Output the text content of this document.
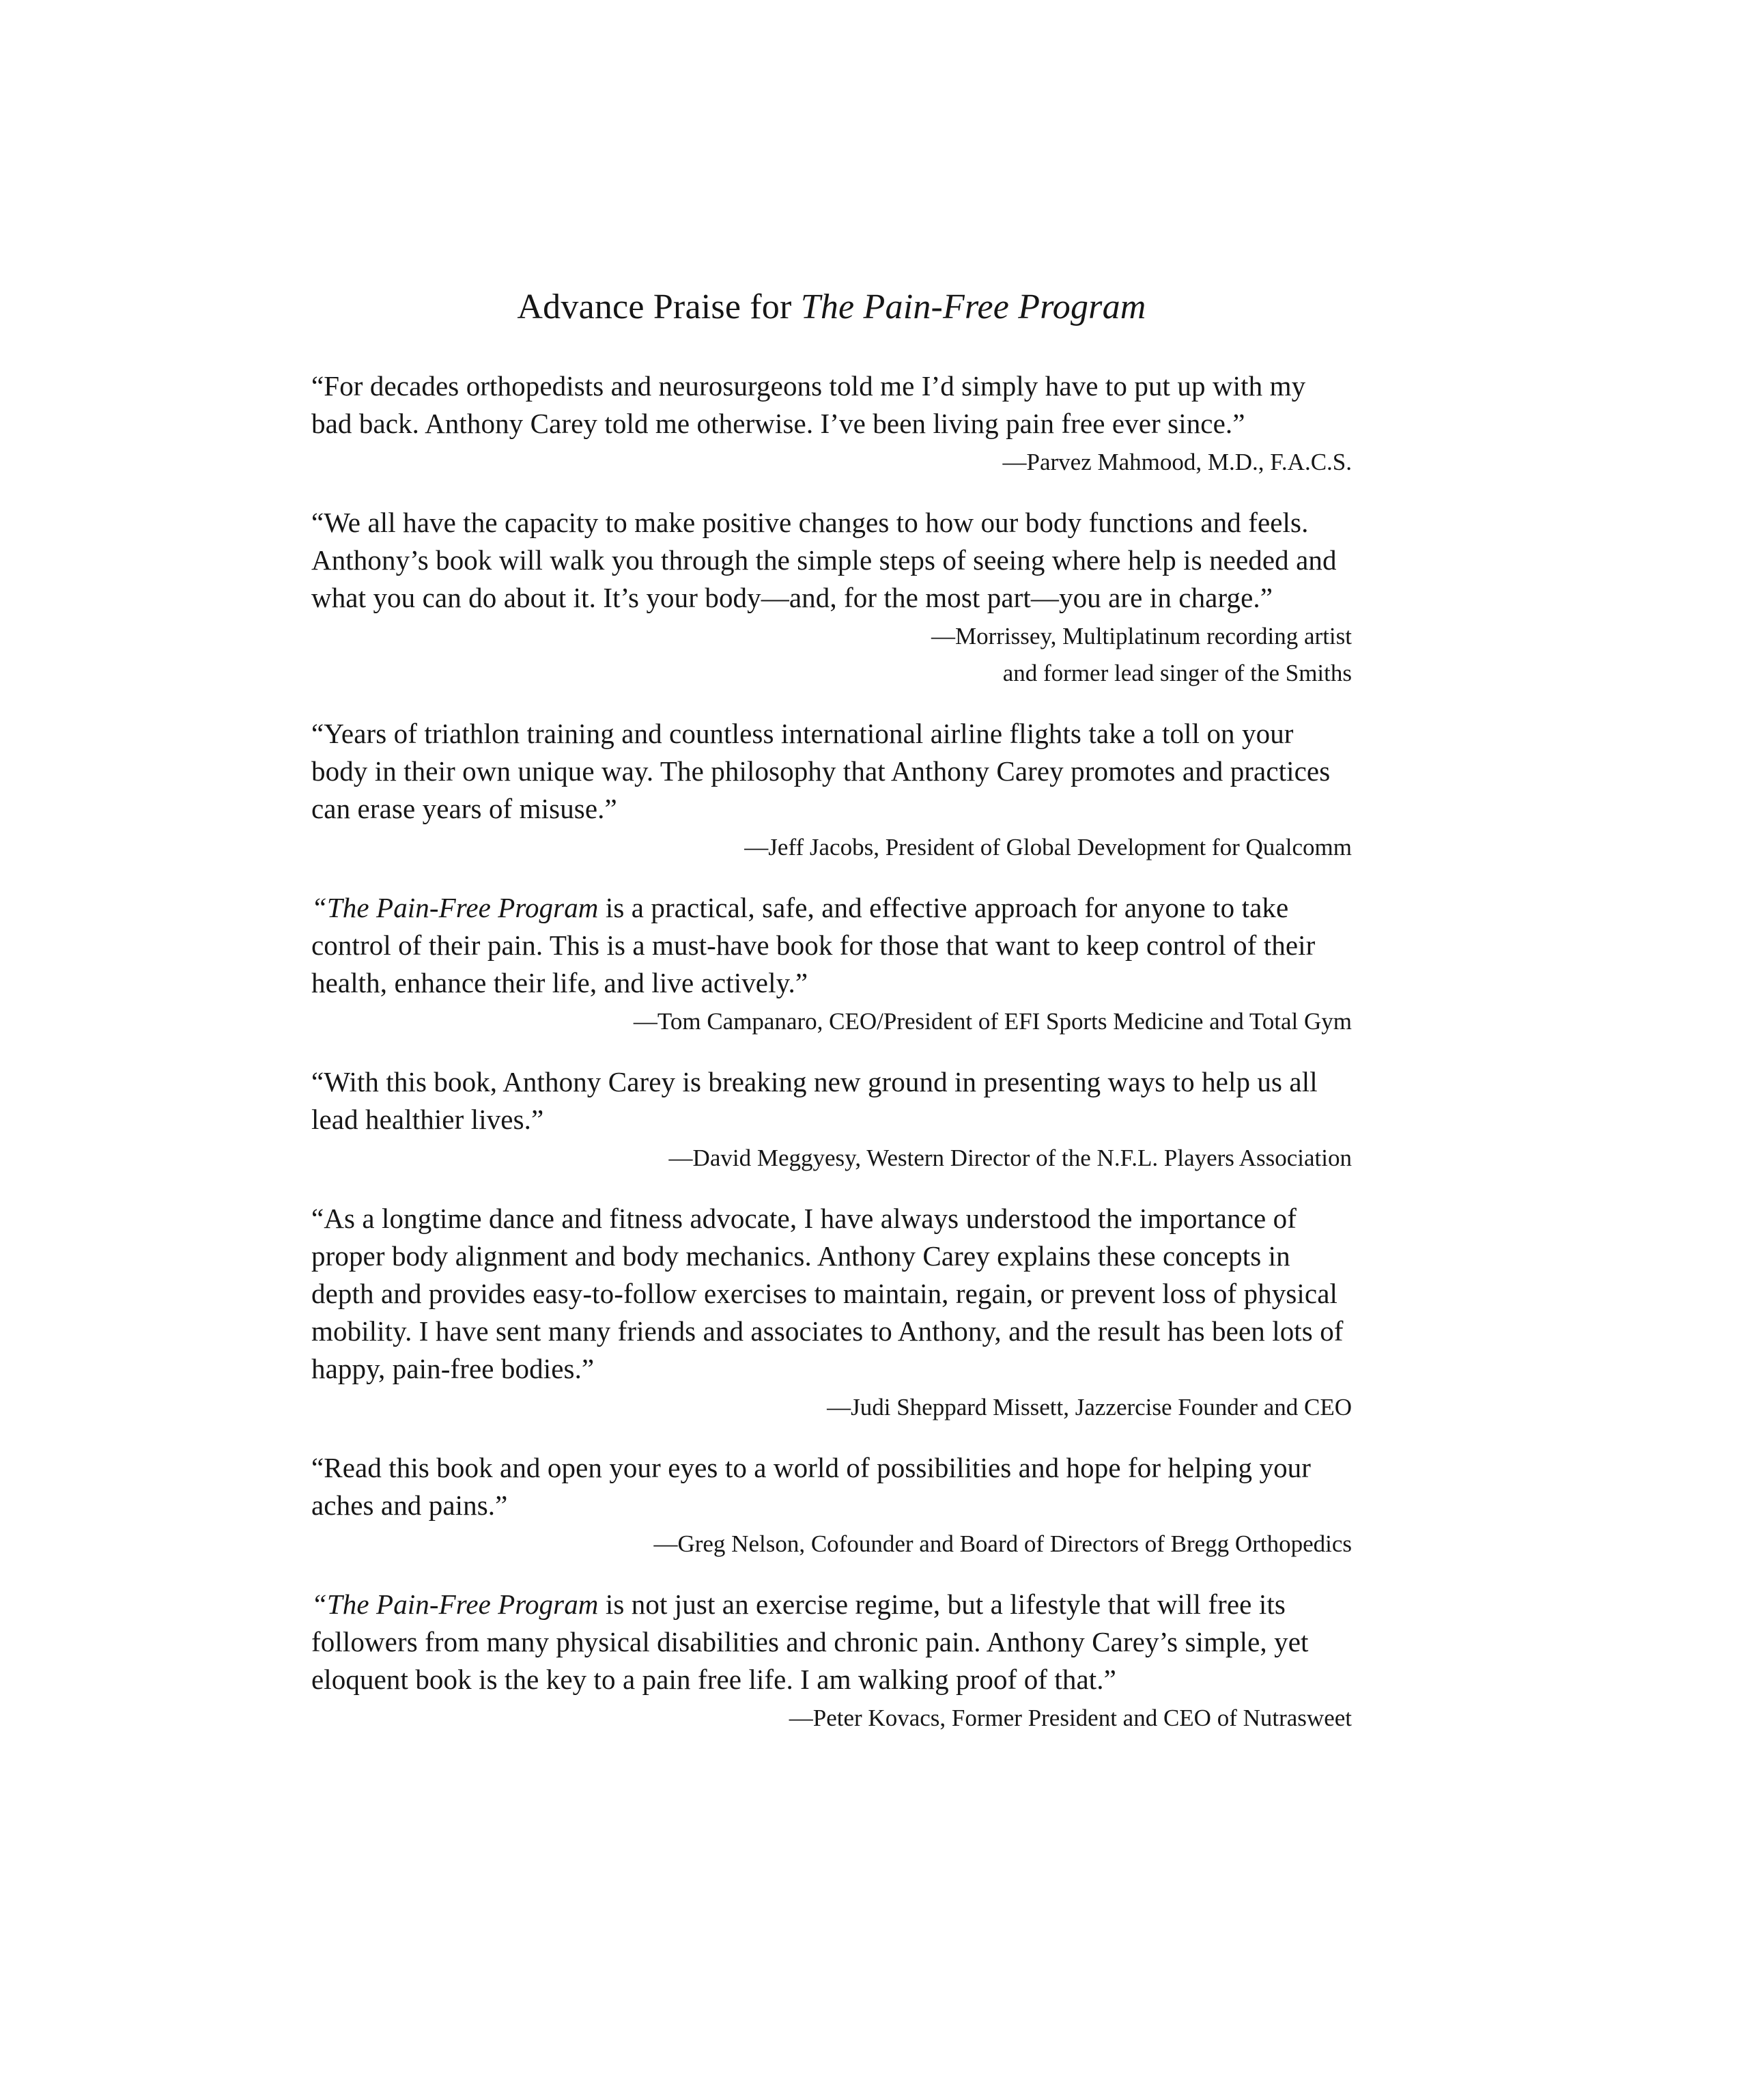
Advance Praise for The Pain-Free Program

“For decades orthopedists and neurosurgeons told me I’d simply have to put up with my bad back. Anthony Carey told me otherwise. I’ve been living pain free ever since.”

—Parvez Mahmood, M.D., F.A.C.S.

“We all have the capacity to make positive changes to how our body functions and feels. Anthony’s book will walk you through the simple steps of seeing where help is needed and what you can do about it. It’s your body—and, for the most part—you are in charge.”

—Morrissey, Multiplatinum recording artist
and former lead singer of the Smiths

“Years of triathlon training and countless international airline flights take a toll on your body in their own unique way. The philosophy that Anthony Carey promotes and practices can erase years of misuse.”

—Jeff Jacobs, President of Global Development for Qualcomm

“The Pain-Free Program is a practical, safe, and effective approach for anyone to take control of their pain. This is a must-have book for those that want to keep control of their health, enhance their life, and live actively.”

—Tom Campanaro, CEO/President of EFI Sports Medicine and Total Gym

“With this book, Anthony Carey is breaking new ground in presenting ways to help us all lead healthier lives.”

—David Meggyesy, Western Director of the N.F.L. Players Association

“As a longtime dance and fitness advocate, I have always understood the importance of proper body alignment and body mechanics. Anthony Carey explains these concepts in depth and provides easy-to-follow exercises to maintain, regain, or prevent loss of physical mobility. I have sent many friends and associates to Anthony, and the result has been lots of happy, pain-free bodies.”

—Judi Sheppard Missett, Jazzercise Founder and CEO

“Read this book and open your eyes to a world of possibilities and hope for helping your aches and pains.”

—Greg Nelson, Cofounder and Board of Directors of Bregg Orthopedics

“The Pain-Free Program is not just an exercise regime, but a lifestyle that will free its followers from many physical disabilities and chronic pain. Anthony Carey’s simple, yet eloquent book is the key to a pain free life. I am walking proof of that.”

—Peter Kovacs, Former President and CEO of Nutrasweet
